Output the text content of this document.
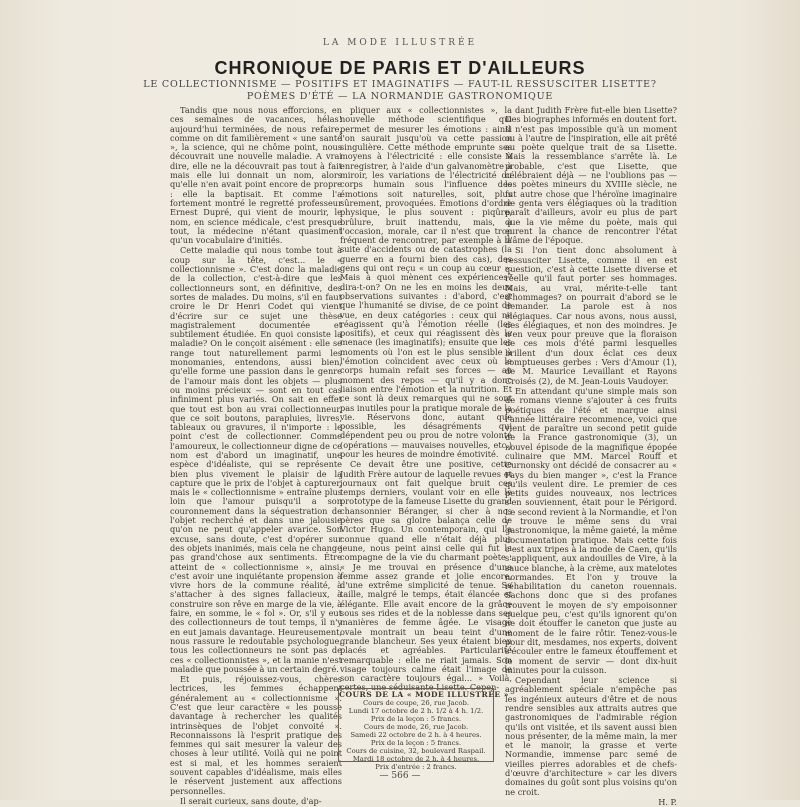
LA MODE ILLUSTRÉE
CHRONIQUE DE PARIS ET D'AILLEURS
LE COLLECTIONNISME — POSITIFS ET IMAGINATIFS — FAUT-IL RESSUSCITER LISETTE?
POÈMES D'ÉTÉ — LA NORMANDIE GASTRONOMIQUE

Tandis que nous nous efforcions, en ces semaines de vacances, hélas! aujourd'hui terminées, de nous refaire, comme on dit familièrement « une santé », la science, qui ne chôme point, nous découvrait une nouvelle maladie. A vrai dire, elle ne la découvrait pas tout à fait mais elle lui donnait un nom, alors qu'elle n'en avait point encore de propre : elle la baptisait. Et comme l'a fortement montré le regretté professeur Ernest Dupré, qui vient de mourir, le nom, en science médicale, c'est presque tout, la médecine n'étant quasiment qu'un vocabulaire d'initiés.

Cette maladie qui nous tombe tout à coup sur la tête, c'est... le « collectionnisme ». C'est donc la maladie de la collection, c'est-à-dire que les collectionneurs sont, en définitive, des sortes de malades. Du moins, s'il en faut croire le Dr Henri Codet qui vient d'écrire sur ce sujet une thèse magistralement documentée et subtilement étudiée. En quoi consiste la maladie? On le conçoit aisément : elle se range tout naturellement parmi les monomanies, entendons, aussi bien, qu'elle forme une passion dans le genre de l'amour mais dont les objets — plus ou moins précieux — sont en tout cas infiniment plus variés. On sait en effet que tout est bon au vrai collectionneur, que ce soit boutons, parapluies, livres, tableaux ou gravures, il n'importe : le point c'est de collectionner. Comme l'amoureux, le collectionneur digne de ce nom est d'abord un imaginatif, une espèce d'idéaliste, qui se représente bien plus vivement le plaisir de la capture que le prix de l'objet à capturer, mais le « collectionnisme » entraîne plus loin que l'amour puisqu'il a son couronnement dans la séquestration de l'objet recherché et dans une jalousie qu'on ne peut qu'appeler avarice. Son excuse, sans doute, c'est d'opérer sur des objets inanimés, mais cela ne change pas grand'chose aux sentiments. Être atteint de « collectionnisme », ainsi, c'est avoir une inquiétante propension à vivre hors de la commune réalité, à s'attacher à des signes fallacieux, à construire son rêve en marge de la vie, à faire, en somme, le « fol ». Or, s'il y eut des collectionneurs de tout temps, il n'y en eut jamais davantage. Heureusement, nous rassure le redoutable psychologue, tous les collectionneurs ne sont pas de ces « collectionnistes », et la manie n'est maladie que poussée à un certain degré.

Et puis, réjouissez-vous, chères lectrices, les femmes échappent généralement au « collectionnisme ». C'est que leur caractère « les pousse davantage à rechercher les qualités intrinsèques de l'objet convoité ». Reconnaissons là l'esprit pratique des femmes qui sait mesurer la valeur des choses à leur utilité. Voilà qui ne point est si mal, et les hommes seraient souvent capables d'idéalisme, mais elles le réservent justement aux affections personnelles.

Il serait curieux, sans doute, d'ap-

pliquer aux « collectionnistes », la nouvelle méthode scientifique qui permet de mesurer les émotions : ainsi l'on saurait jusqu'où va cette passion singulière. Cette méthode emprunte ses moyens à l'électricité : elle consiste à enregistrer, à l'aide d'un galvanomètre à miroir, les variations de l'électricité du corps humain sous l'influence des émotions soit naturelles, soit, plus sûrement, provoquées. Émotions d'ordre physique, le plus souvent : piqûre, brûlure, bruit inattendu, mais, à l'occasion, morale, car il n'est que trop fréquent de rencontrer, par exemple à la suite d'accidents ou de catastrophes (la guerre en a fourni bien des cas), des gens qui ont reçu « un coup au cœur ». Mais à quoi mènent ces expériences? dira-t-on? On ne les en moins les deux observations suivantes : d'abord, c'est que l'humanité se divise, de ce point de vue, en deux catégories : ceux qui ne réagissent qu'à l'émotion réelle (les positifs), et ceux qui réagissent dès la menace (les imaginatifs); ensuite que les moments où l'on est le plus sensible à l'émotion coïncident avec ceux où le corps humain refait ses forces — au moment des repos — qu'il y a donc liaison entre l'émotion et la nutrition. Et ce sont là deux remarques qui ne sont pas inutiles pour la pratique morale de la vie. Réservons donc, autant que possible, les désagréments qui dépendent peu ou prou de notre volonté (opérations — mauvaises nouvelles, etc.) pour les heures de moindre émotivité.

Ce devait être une positive, cette Judith Frère autour de laquelle revues et journaux ont fait quelque bruit ces temps derniers, voulant voir en elle le prototype de la fameuse Lisette du grand chansonnier Béranger, si cher à nos pères que sa gloire balança celle de Victor Hugo. Un contemporain, qui l'a connue quand elle n'était déjà plus jeune, nous peint ainsi celle qui fut la compagne de la vie du charmant poète : « Je me trouvai en présence d'une femme assez grande et jolie encore, d'une extrême simplicité de tenue. Sa taille, malgré le temps, était élancée et élégante. Elle avait encore de la grâce sous ses rides et de la noblesse dans ses manières de femme âgée. Le visage ovale montrait un beau teint d'une grande blancheur. Ses yeux étaient bien placés et agréables. Particularité remarquable : elle ne riait jamais. Son visage toujours calme était l'image de son caractère toujours égal... » Voilà, certes, une séduisante Lisette. Cepen-

dant Judith Frère fut-elle bien Lisette? Des biographes informés en doutent fort. Il n'est pas impossible qu'à un moment ou à l'autre de l'inspiration, elle ait prêté au poète quelque trait de sa Lisette. Mais la ressemblance s'arrête là. Le probable, c'est que Lisette, que célébraient déjà — ne l'oublions pas — les poètes mineurs du XVIIIe siècle, ne fut autre chose que l'héroïne imaginaire de genta vers élégiaques où la tradition paraît d'ailleurs, avoir eu plus de part que la vie même du poète, mais qui eurent la chance de rencontrer l'état d'âme de l'époque.

Si l'on tient donc absolument à ressusciter Lisette, comme il en est question, c'est à cette Lisette diverse et réelle qu'il faut porter ses hommages. Mais, au vrai, mérite-t-elle tant d'hommages? on pourrait d'abord se le demander. La parole est à nos élégiaques. Car nous avons, nous aussi, des élégiaques, et non des moindres. Je n'en veux pour preuve que la floraison de ces mois d'été parmi lesquelles brillent d'un doux éclat ces deux somptueuses gerbes : Vers d'Amour (1), de M. Maurice Levaillant et Rayons Croisés (2), de M. Jean-Louis Vaudoyer.

En attendant qu'une simple mais son de romans vienne s'ajouter à ces fruits poétiques de l'été et marque ainsi l'année littéraire recommence, voici que vient de paraître un second petit guide de la France gastronomique (3), un nouvel épisode de la magnifique épopée culinaire que MM. Marcel Rouff et Curnonsky ont décidé de consacrer au « Pays du bien manger », c'est la France qu'ils veulent dire. Le premier de ces petits guides nouveaux, nos lectrices s'en souviennent, était pour le Périgord. Le second revient à la Normandie, et l'on y trouve le même sens du vrai gastronomique, la même gaieté, la même documentation pratique. Mais cette fois c'est aux tripes à la mode de Caen, qu'ils s'appliquent, aux andouilles de Vire, à la sauce blanche, à la crème, aux matelotes normandes. Et l'on y trouve la réhabilitation du caneton rouennais. Sachons donc que si des profanes trouvent le moyen de s'y empoisonner quelque peu, c'est qu'ils ignorent qu'on ne doit étouffer le caneton que juste au moment de le faire rôtir. Tenez-vous-le pour dit, mesdames, nos experts, doivent s'écouler entre le fameux étouffement et le moment de servir — dont dix-huit minutes pour la cuisson.

Cependant leur science si agréablement spéciale n'empêche pas les ingénieux auteurs d'être et de nous rendre sensibles aux attraits autres que gastronomiques de l'admirable région qu'ils ont visitée, et ils savent aussi bien nous présenter, de la même main, la mer et le manoir, la grasse et verte Normandie, immense parc semé de vieilles pierres adorables et de chefs-d'œuvre d'architecture » car les divers domaines du goût sont plus voisins qu'on ne croit.

H. P.

COURS DE LA « MODE ILLUSTRÉE »
Cours de coupe, 26, rue Jacob.
Lundi 17 octobre de 2 h. 1/2 à 4 h. 1/2.
Prix de la leçon : 5 francs.
Cours de mode, 26, rue Jacob.
Samedi 22 octobre de 2 h. à 4 heures.
Prix de la leçon : 5 francs.
Cours de cuisine, 32, boulevard Raspail.
Mardi 18 octobre de 2 h. à 4 heures.
Prix d'entrée : 2 francs.
— 566 —
